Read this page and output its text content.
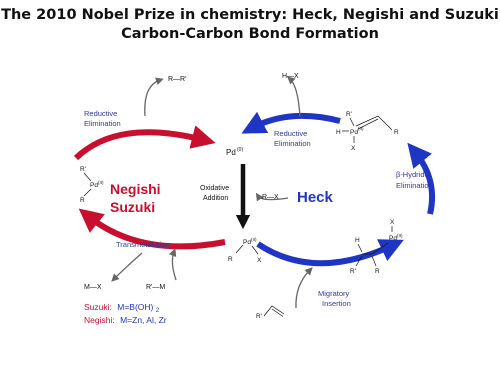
The 2010 Nobel Prize in chemistry: Heck, Negishi and Suzuki
Carbon-Carbon Bond Formation
Reductive
Elimination
R—R'
Negishi
Suzuki
Transmetalation
R'
Pd (II)
R
M—X	R'—M
Suzuki: M=B(OH) $_2$
Negishi: M=Zn, Al, Zr
Pd (0)
Oxidative
Addition	R—X
Pd (II)
R	X
Heck
H—X
Reductive
Elimination
β-Hydride
Elimination
Migratory
Insertion
R'
H Pd
(II)
X
R
X
Pd (II)
H
R'	R
R'
